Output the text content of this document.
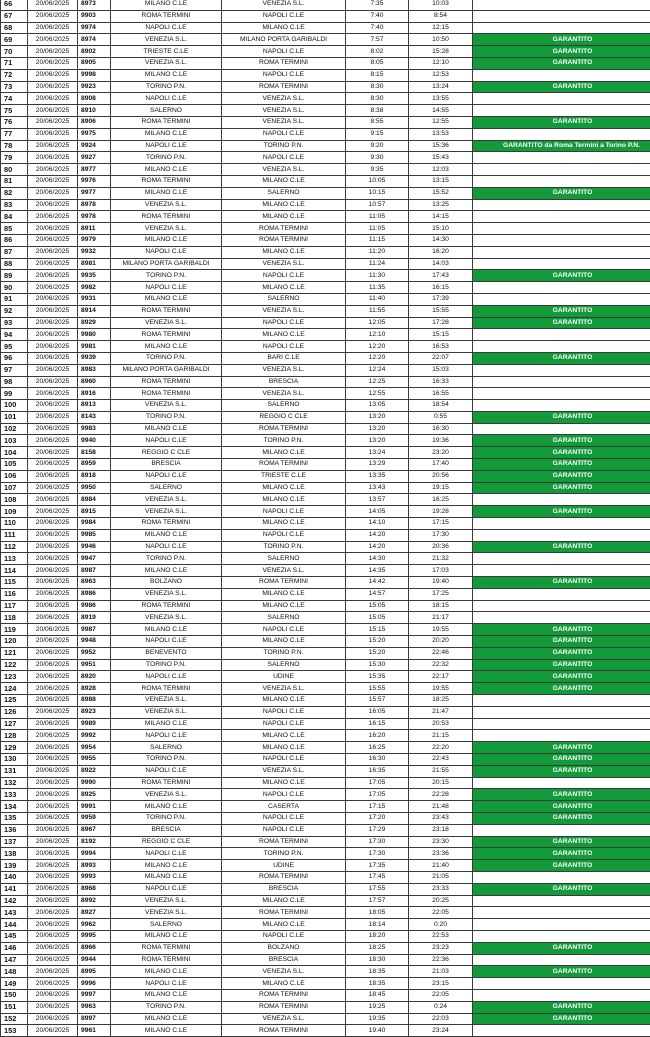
66	20/06/2025	8973	MILANO C.LE	VENEZIA S.L.	7:35	10:03	
67	20/06/2025	9903	ROMA TERMINI	NAPOLI C.LE	7:40	8:54	
68	20/06/2025	9974	NAPOLI C.LE	MILANO C.LE	7:40	12:15	
69	20/06/2025	8974	VENEZIA S.L.	MILANO PORTA GARIBALDI	7:57	10:50	GARANTITO
70	20/06/2025	8902	TRIESTE C.LE	NAPOLI C.LE	8:02	15:28	GARANTITO
71	20/06/2025	8905	VENEZIA S.L.	ROMA TERMINI	8:05	12:10	GARANTITO
72	20/06/2025	9998	MILANO C.LE	NAPOLI C.LE	8:15	12:53	
73	20/06/2025	9923	TORINO P.N.	ROMA TERMINI	8:30	13:24	GARANTITO
74	20/06/2025	8908	NAPOLI C.LE	VENEZIA S.L.	8:30	13:55	
75	20/06/2025	8910	SALERNO	VENEZIA S.L.	8:38	14:55	
76	20/06/2025	8906	ROMA TERMINI	VENEZIA S.L.	8:55	12:55	GARANTITO
77	20/06/2025	9975	MILANO C.LE	NAPOLI C.LE	9:15	13:53	
78	20/06/2025	9924	NAPOLI C.LE	TORINO P.N.	9:20	15:36	GARANTITO da Roma Termini a Torino P.N.
79	20/06/2025	9927	TORINO P.N.	NAPOLI C.LE	9:30	15:43	
80	20/06/2025	8977	MILANO C.LE	VENEZIA S.L.	9:35	12:03	
81	20/06/2025	9976	ROMA TERMINI	MILANO C.LE	10:05	13:15	
82	20/06/2025	9977	MILANO C.LE	SALERNO	10:15	15:52	GARANTITO
83	20/06/2025	8978	VENEZIA S.L.	MILANO C.LE	10:57	13:25	
84	20/06/2025	9978	ROMA TERMINI	MILANO C.LE	11:05	14:15	
85	20/06/2025	8911	VENEZIA S.L.	ROMA TERMINI	11:05	15:10	
86	20/06/2025	9979	MILANO C.LE	ROMA TERMINI	11:15	14:30	
87	20/06/2025	9932	NAPOLI C.LE	MILANO C.LE	11:20	16:20	
88	20/06/2025	8981	MILANO PORTA GARIBALDI	VENEZIA S.L.	11:24	14:03	
89	20/06/2025	9935	TORINO P.N.	NAPOLI C.LE	11:30	17:43	GARANTITO
90	20/06/2025	9982	NAPOLI C.LE	MILANO C.LE	11:35	16:15	
91	20/06/2025	9931	MILANO C.LE	SALERNO	11:40	17:39	
92	20/06/2025	8914	ROMA TERMINI	VENEZIA S.L.	11:55	15:55	GARANTITO
93	20/06/2025	8929	VENEZIA S.L.	NAPOLI C.LE	12:05	17:28	GARANTITO
94	20/06/2025	9980	ROMA TERMINI	MILANO C.LE	12:10	15:15	
95	20/06/2025	9981	MILANO C.LE	NAPOLI C.LE	12:20	16:53	
96	20/06/2025	9939	TORINO P.N.	BARI C.LE	12:20	22:07	GARANTITO
97	20/06/2025	8983	MILANO PORTA GARIBALDI	VENEZIA S.L.	12:24	15:03	
98	20/06/2025	8960	ROMA TERMINI	BRESCIA	12:25	16:33	
99	20/06/2025	8916	ROMA TERMINI	VENEZIA S.L.	12:55	16:55	
100	20/06/2025	8913	VENEZIA S.L.	SALERNO	13:05	18:54	
101	20/06/2025	8143	TORINO P.N.	REGGIO C CLE	13:20	0:55	GARANTITO
102	20/06/2025	9983	MILANO C.LE	ROMA TERMINI	13:20	16:30	
103	20/06/2025	9940	NAPOLI C.LE	TORINO P.N.	13:20	19:36	GARANTITO
104	20/06/2025	8158	REGGIO C CLE	MILANO C.LE	13:24	23:20	GARANTITO
105	20/06/2025	8959	BRESCIA	ROMA TERMINI	13:29	17:40	GARANTITO
106	20/06/2025	8918	NAPOLI C.LE	TRIESTE C.LE	13:35	20:56	GARANTITO
107	20/06/2025	9950	SALERNO	MILANO C.LE	13:43	19:15	GARANTITO
108	20/06/2025	8984	VENEZIA S.L.	MILANO C.LE	13:57	16:25	
109	20/06/2025	8915	VENEZIA S.L.	NAPOLI C.LE	14:05	19:28	GARANTITO
110	20/06/2025	9984	ROMA TERMINI	MILANO C.LE	14:10	17:15	
111	20/06/2025	9985	MILANO C.LE	NAPOLI C.LE	14:20	17:30	
112	20/06/2025	9946	NAPOLI C.LE	TORINO P.N.	14:20	20:36	GARANTITO
113	20/06/2025	9947	TORINO P.N.	SALERNO	14:30	21:32	
114	20/06/2025	8987	MILANO C.LE	VENEZIA S.L.	14:35	17:03	
115	20/06/2025	8963	BOLZANO	ROMA TERMINI	14:42	19:40	GARANTITO
116	20/06/2025	8986	VENEZIA S.L.	MILANO C.LE	14:57	17:25	
117	20/06/2025	9986	ROMA TERMINI	MILANO C.LE	15:05	18:15	
118	20/06/2025	8919	VENEZIA S.L.	SALERNO	15:05	21:17	
119	20/06/2025	9987	MILANO C.LE	NAPOLI C.LE	15:15	19:55	GARANTITO
120	20/06/2025	9948	NAPOLI C.LE	MILANO C.LE	15:20	20:20	GARANTITO
121	20/06/2025	9952	BENEVENTO	TORINO P.N.	15:20	22:46	GARANTITO
122	20/06/2025	9951	TORINO P.N.	SALERNO	15:30	22:32	GARANTITO
123	20/06/2025	8920	NAPOLI C.LE	UDINE	15:35	22:17	GARANTITO
124	20/06/2025	8928	ROMA TERMINI	VENEZIA S.L.	15:55	19:55	GARANTITO
125	20/06/2025	8988	VENEZIA S.L.	MILANO C.LE	15:57	18:25	
126	20/06/2025	8923	VENEZIA S.L.	NAPOLI C.LE	16:05	21:47	
127	20/06/2025	9989	MILANO C.LE	NAPOLI C.LE	16:15	20:53	
128	20/06/2025	9992	NAPOLI C.LE	MILANO C.LE	16:20	21:15	
129	20/06/2025	9954	SALERNO	MILANO C.LE	16:25	22:20	GARANTITO
130	20/06/2025	9955	TORINO P.N.	NAPOLI C.LE	16:30	22:43	GARANTITO
131	20/06/2025	8922	NAPOLI C.LE	VENEZIA S.L.	16:35	21:55	GARANTITO
132	20/06/2025	9990	ROMA TERMINI	MILANO C.LE	17:05	20:15	
133	20/06/2025	8925	VENEZIA S.L.	NAPOLI C.LE	17:05	22:28	GARANTITO
134	20/06/2025	9991	MILANO C.LE	CASERTA	17:15	21:48	GARANTITO
135	20/06/2025	9959	TORINO P.N.	NAPOLI C.LE	17:20	23:43	GARANTITO
136	20/06/2025	8967	BRESCIA	NAPOLI C.LE	17:29	23:18	
137	20/06/2025	8192	REGGIO C CLE	ROMA TERMINI	17:30	23:30	GARANTITO
138	20/06/2025	9994	NAPOLI C.LE	TORINO P.N.	17:30	23:36	GARANTITO
139	20/06/2025	8993	MILANO C.LE	UDINE	17:35	21:40	GARANTITO
140	20/06/2025	9993	MILANO C.LE	ROMA TERMINI	17:45	21:05	
141	20/06/2025	8968	NAPOLI C.LE	BRESCIA	17:55	23:33	GARANTITO
142	20/06/2025	8992	VENEZIA S.L.	MILANO C.LE	17:57	20:25	
143	20/06/2025	8927	VENEZIA S.L.	ROMA TERMINI	18:05	22:05	
144	20/06/2025	9962	SALERNO	MILANO C.LE	18:14	0:20	
145	20/06/2025	9995	MILANO C.LE	NAPOLI C.LE	18:20	22:53	
146	20/06/2025	8966	ROMA TERMINI	BOLZANO	18:25	23:23	GARANTITO
147	20/06/2025	9944	ROMA TERMINI	BRESCIA	18:30	22:36	
148	20/06/2025	8995	MILANO C.LE	VENEZIA S.L.	18:35	21:03	GARANTITO
149	20/06/2025	9996	NAPOLI C.LE	MILANO C.LE	18:35	23:15	
150	20/06/2025	9997	MILANO C.LE	ROMA TERMINI	18:45	22:05	
151	20/06/2025	9963	TORINO P.N.	ROMA TERMINI	19:25	0:24	GARANTITO
152	20/06/2025	8997	MILANO C.LE	VENEZIA S.L.	19:35	22:03	GARANTITO
153	20/06/2025	9961	MILANO C.LE	ROMA TERMINI	19:40	23:24	
